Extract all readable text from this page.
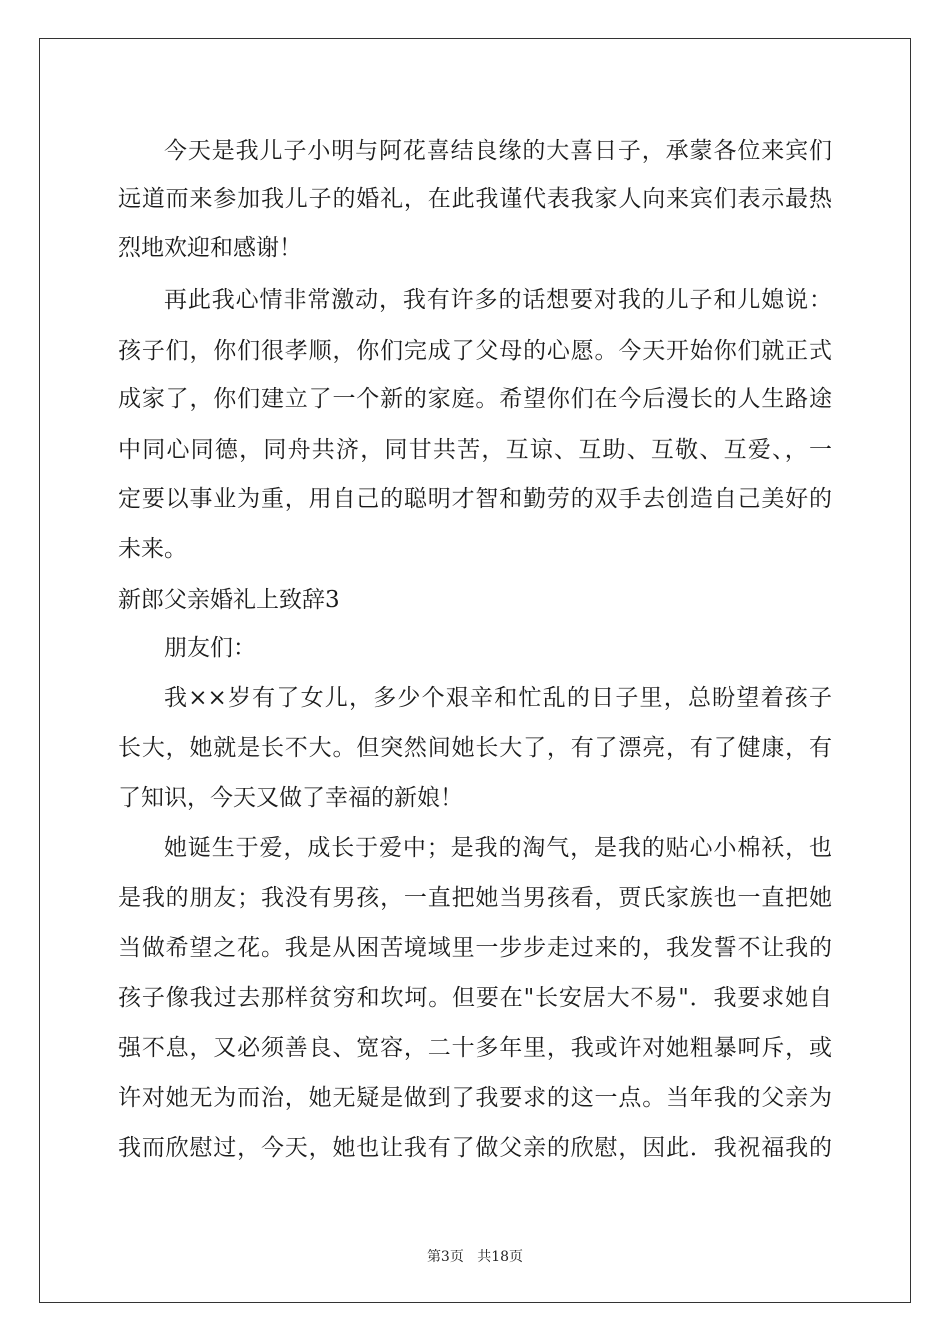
今天是我儿子小明与阿花喜结良缘的大喜日子，承蒙各位来宾们
远道而来参加我儿子的婚礼，在此我谨代表我家人向来宾们表示最热
烈地欢迎和感谢！
再此我心情非常激动，我有许多的话想要对我的儿子和儿媳说：
孩子们，你们很孝顺，你们完成了父母的心愿。今天开始你们就正式
成家了，你们建立了一个新的家庭。希望你们在今后漫长的人生路途
中同心同德，同舟共济，同甘共苦，互谅、互助、互敬、互爱、，一
定要以事业为重，用自己的聪明才智和勤劳的双手去创造自己美好的
未来。
新郎父亲婚礼上致辞3
朋友们：
我××岁有了女儿，多少个艰辛和忙乱的日子里，总盼望着孩子
长大，她就是长不大。但突然间她长大了，有了漂亮，有了健康，有
了知识，今天又做了幸福的新娘！
她诞生于爱，成长于爱中；是我的淘气，是我的贴心小棉袄，也
是我的朋友；我没有男孩，一直把她当男孩看，贾氏家族也一直把她
当做希望之花。我是从困苦境域里一步步走过来的，我发誓不让我的
孩子像我过去那样贫穷和坎坷。但要在"长安居大不易"．我要求她自
强不息，又必须善良、宽容，二十多年里，我或许对她粗暴呵斥，或
许对她无为而治，她无疑是做到了我要求的这一点。当年我的父亲为
我而欣慰过，今天，她也让我有了做父亲的欣慰，因此．我祝福我的
第3页 共18页
